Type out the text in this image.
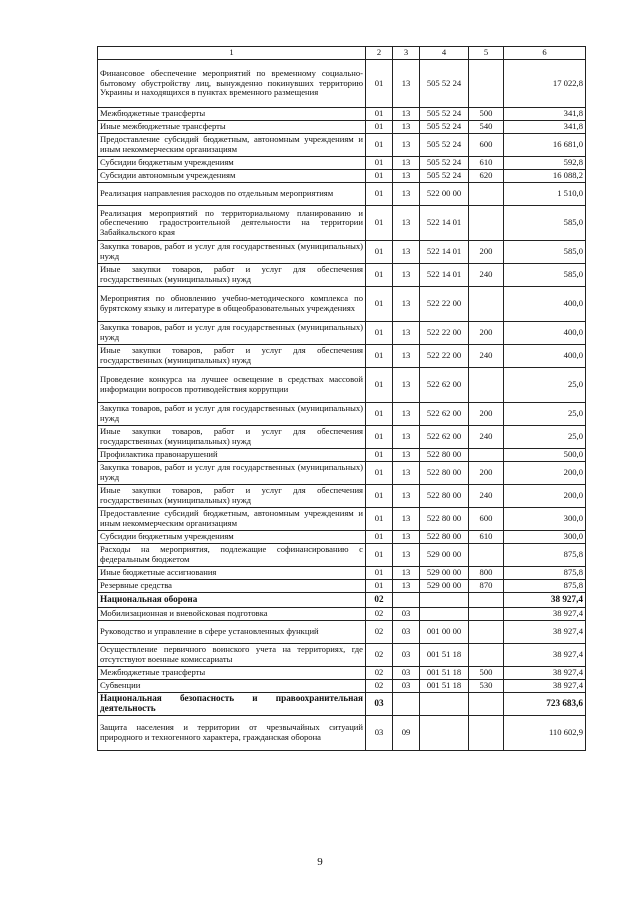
1	2	3	4	5	6
Финансовое обеспечение мероприятий по временному социально-бытовому обустройству лиц, вынужденно покинувших территорию Украины и находящихся в пунктах временного размещения	01	13	505 52 24		17 022,8
Межбюджетные трансферты	01	13	505 52 24	500	341,8
Иные межбюджетные трансферты	01	13	505 52 24	540	341,8
Предоставление субсидий бюджетным, автономным учреждениям и иным некоммерческим организациям	01	13	505 52 24	600	16 681,0
Субсидии бюджетным учреждениям	01	13	505 52 24	610	592,8
Субсидии автономным учреждениям	01	13	505 52 24	620	16 088,2
Реализация направления расходов по отдельным мероприятиям	01	13	522 00 00		1 510,0
Реализация мероприятий по территориальному планированию и обеспечению градостроительной деятельности на территории Забайкальского края	01	13	522 14 01		585,0
Закупка товаров, работ и услуг для государственных (муниципальных) нужд	01	13	522 14 01	200	585,0
Иные закупки товаров, работ и услуг для обеспечения государственных (муниципальных) нужд	01	13	522 14 01	240	585,0
Мероприятия по обновлению учебно-методического комплекса по бурятскому языку и литературе в общеобразовательных учреждениях	01	13	522 22 00		400,0
Закупка товаров, работ и услуг для государственных (муниципальных) нужд	01	13	522 22 00	200	400,0
Иные закупки товаров, работ и услуг для обеспечения государственных (муниципальных) нужд	01	13	522 22 00	240	400,0
Проведение конкурса на лучшее освещение в средствах массовой информации вопросов противодействия коррупции	01	13	522 62 00		25,0
Закупка товаров, работ и услуг для государственных (муниципальных) нужд	01	13	522 62 00	200	25,0
Иные закупки товаров, работ и услуг для обеспечения государственных (муниципальных) нужд	01	13	522 62 00	240	25,0
Профилактика правонарушений	01	13	522 80 00		500,0
Закупка товаров, работ и услуг для государственных (муниципальных) нужд	01	13	522 80 00	200	200,0
Иные закупки товаров, работ и услуг для обеспечения государственных (муниципальных) нужд	01	13	522 80 00	240	200,0
Предоставление субсидий бюджетным, автономным учреждениям и иным некоммерческим организациям	01	13	522 80 00	600	300,0
Субсидии бюджетным учреждениям	01	13	522 80 00	610	300,0
Расходы на мероприятия, подлежащие софинансированию с федеральным бюджетом	01	13	529 00 00		875,8
Иные бюджетные ассигнования	01	13	529 00 00	800	875,8
Резервные средства	01	13	529 00 00	870	875,8
Национальная оборона	02				38 927,4
Мобилизационная и вневойсковая подготовка	02	03			38 927,4
Руководство и управление в сфере установленных функций	02	03	001 00 00		38 927,4
Осуществление первичного воинского учета на территориях, где отсутствуют военные комиссариаты	02	03	001 51 18		38 927,4
Межбюджетные трансферты	02	03	001 51 18	500	38 927,4
Субвенции	02	03	001 51 18	530	38 927,4
Национальная безопасность и правоохранительная деятельность	03				723 683,6
Защита населения и территории от чрезвычайных ситуаций природного и техногенного характера, гражданская оборона	03	09			110 602,9
9
